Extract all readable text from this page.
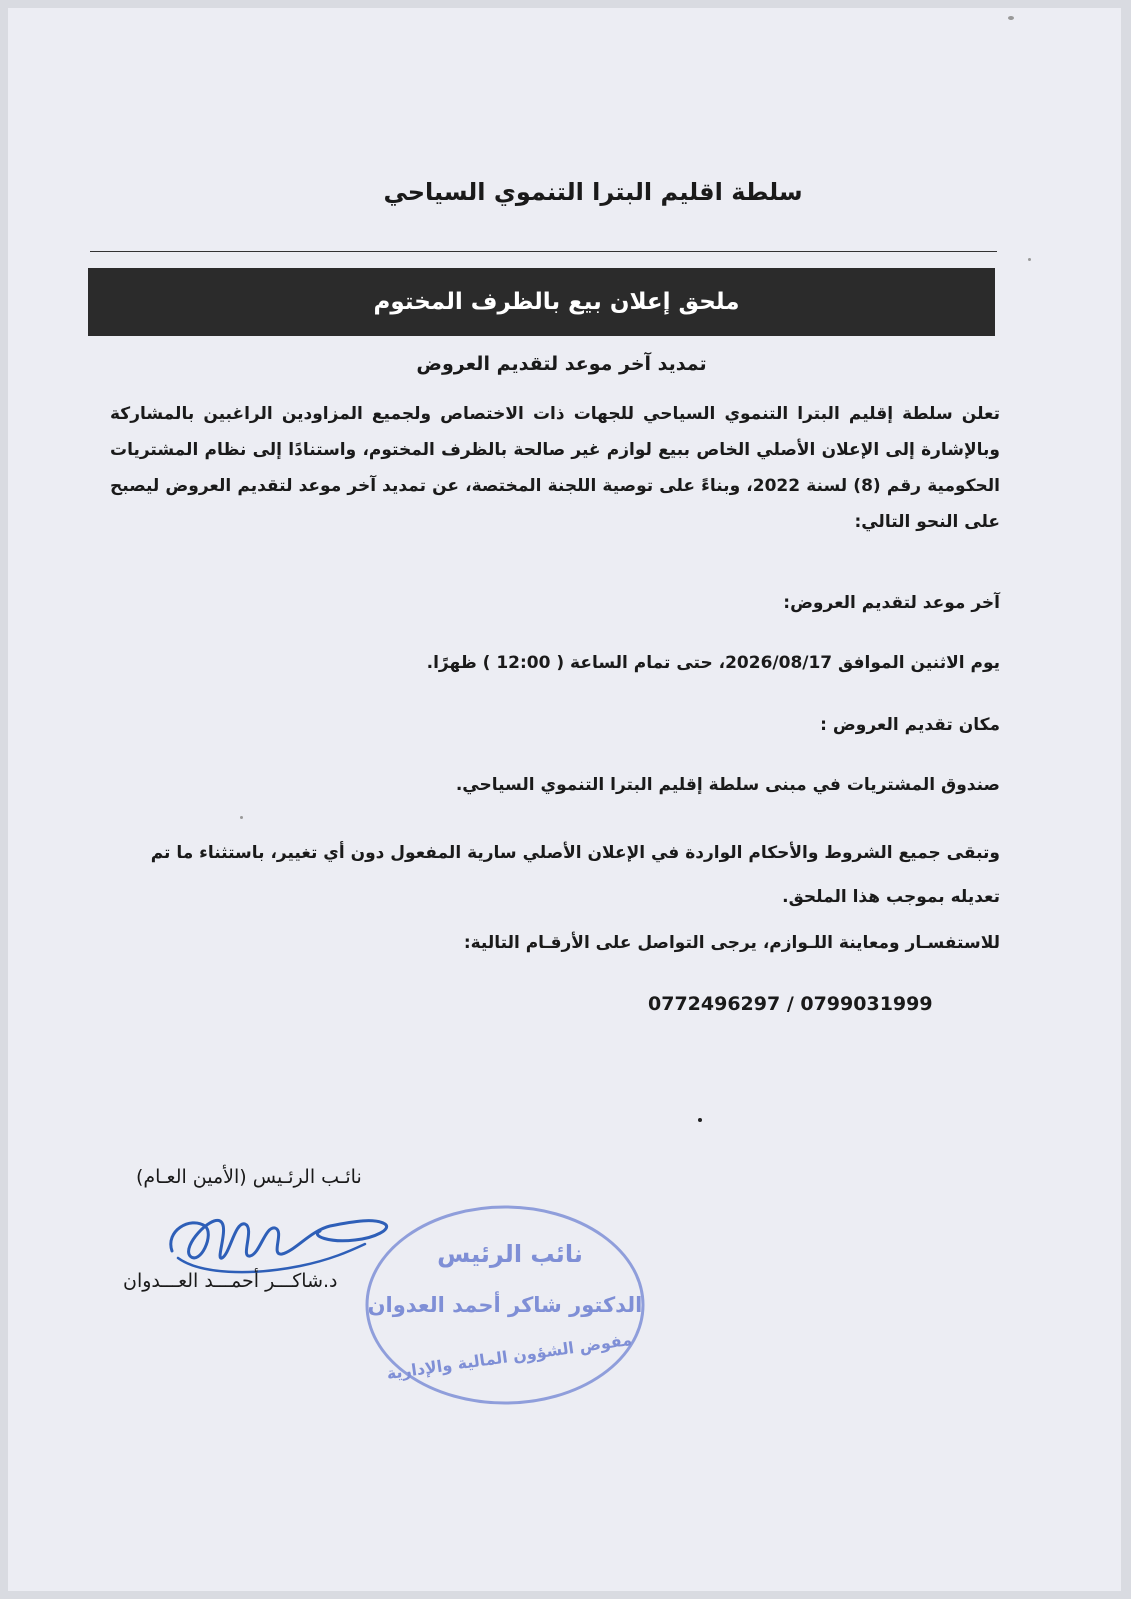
سلطة اقليم البترا التنموي السياحي
ملحق إعلان بيع بالظرف المختوم
تمديد آخر موعد لتقديم العروض
تعلن سلطة إقليم البترا التنموي السياحي للجهات ذات الاختصاص ولجميع المزاودين الراغبين بالمشاركة وبالإشارة إلى الإعلان الأصلي الخاص ببيع لوازم غير صالحة بالظرف المختوم، واستنادًا إلى نظام المشتريات الحكومية رقم (8) لسنة 2022، وبناءً على توصية اللجنة المختصة، عن تمديد آخر موعد لتقديم العروض ليصبح على النحو التالي:
آخر موعد لتقديم العروض:
يوم الاثنين الموافق 2026/08/17، حتى تمام الساعة ( 12:00 ) ظهرًا.
مكان تقديم العروض :
صندوق المشتريات في مبنى سلطة إقليم البترا التنموي السياحي.
وتبقى جميع الشروط والأحكام الواردة في الإعلان الأصلي سارية المفعول دون أي تغيير، باستثناء ما تم تعديله بموجب هذا الملحق.
للاستفسـار ومعاينة اللـوازم، يرجى التواصل على الأرقـام التالية:
0772496297 / 0799031999
نائـب الرئـيس (الأمين العـام)
د.شاكـــر أحمـــد العـــدوان
نائب الرئيس
الدكتور شاكر أحمد العدوان
مفوض الشؤون المالية والإدارية
